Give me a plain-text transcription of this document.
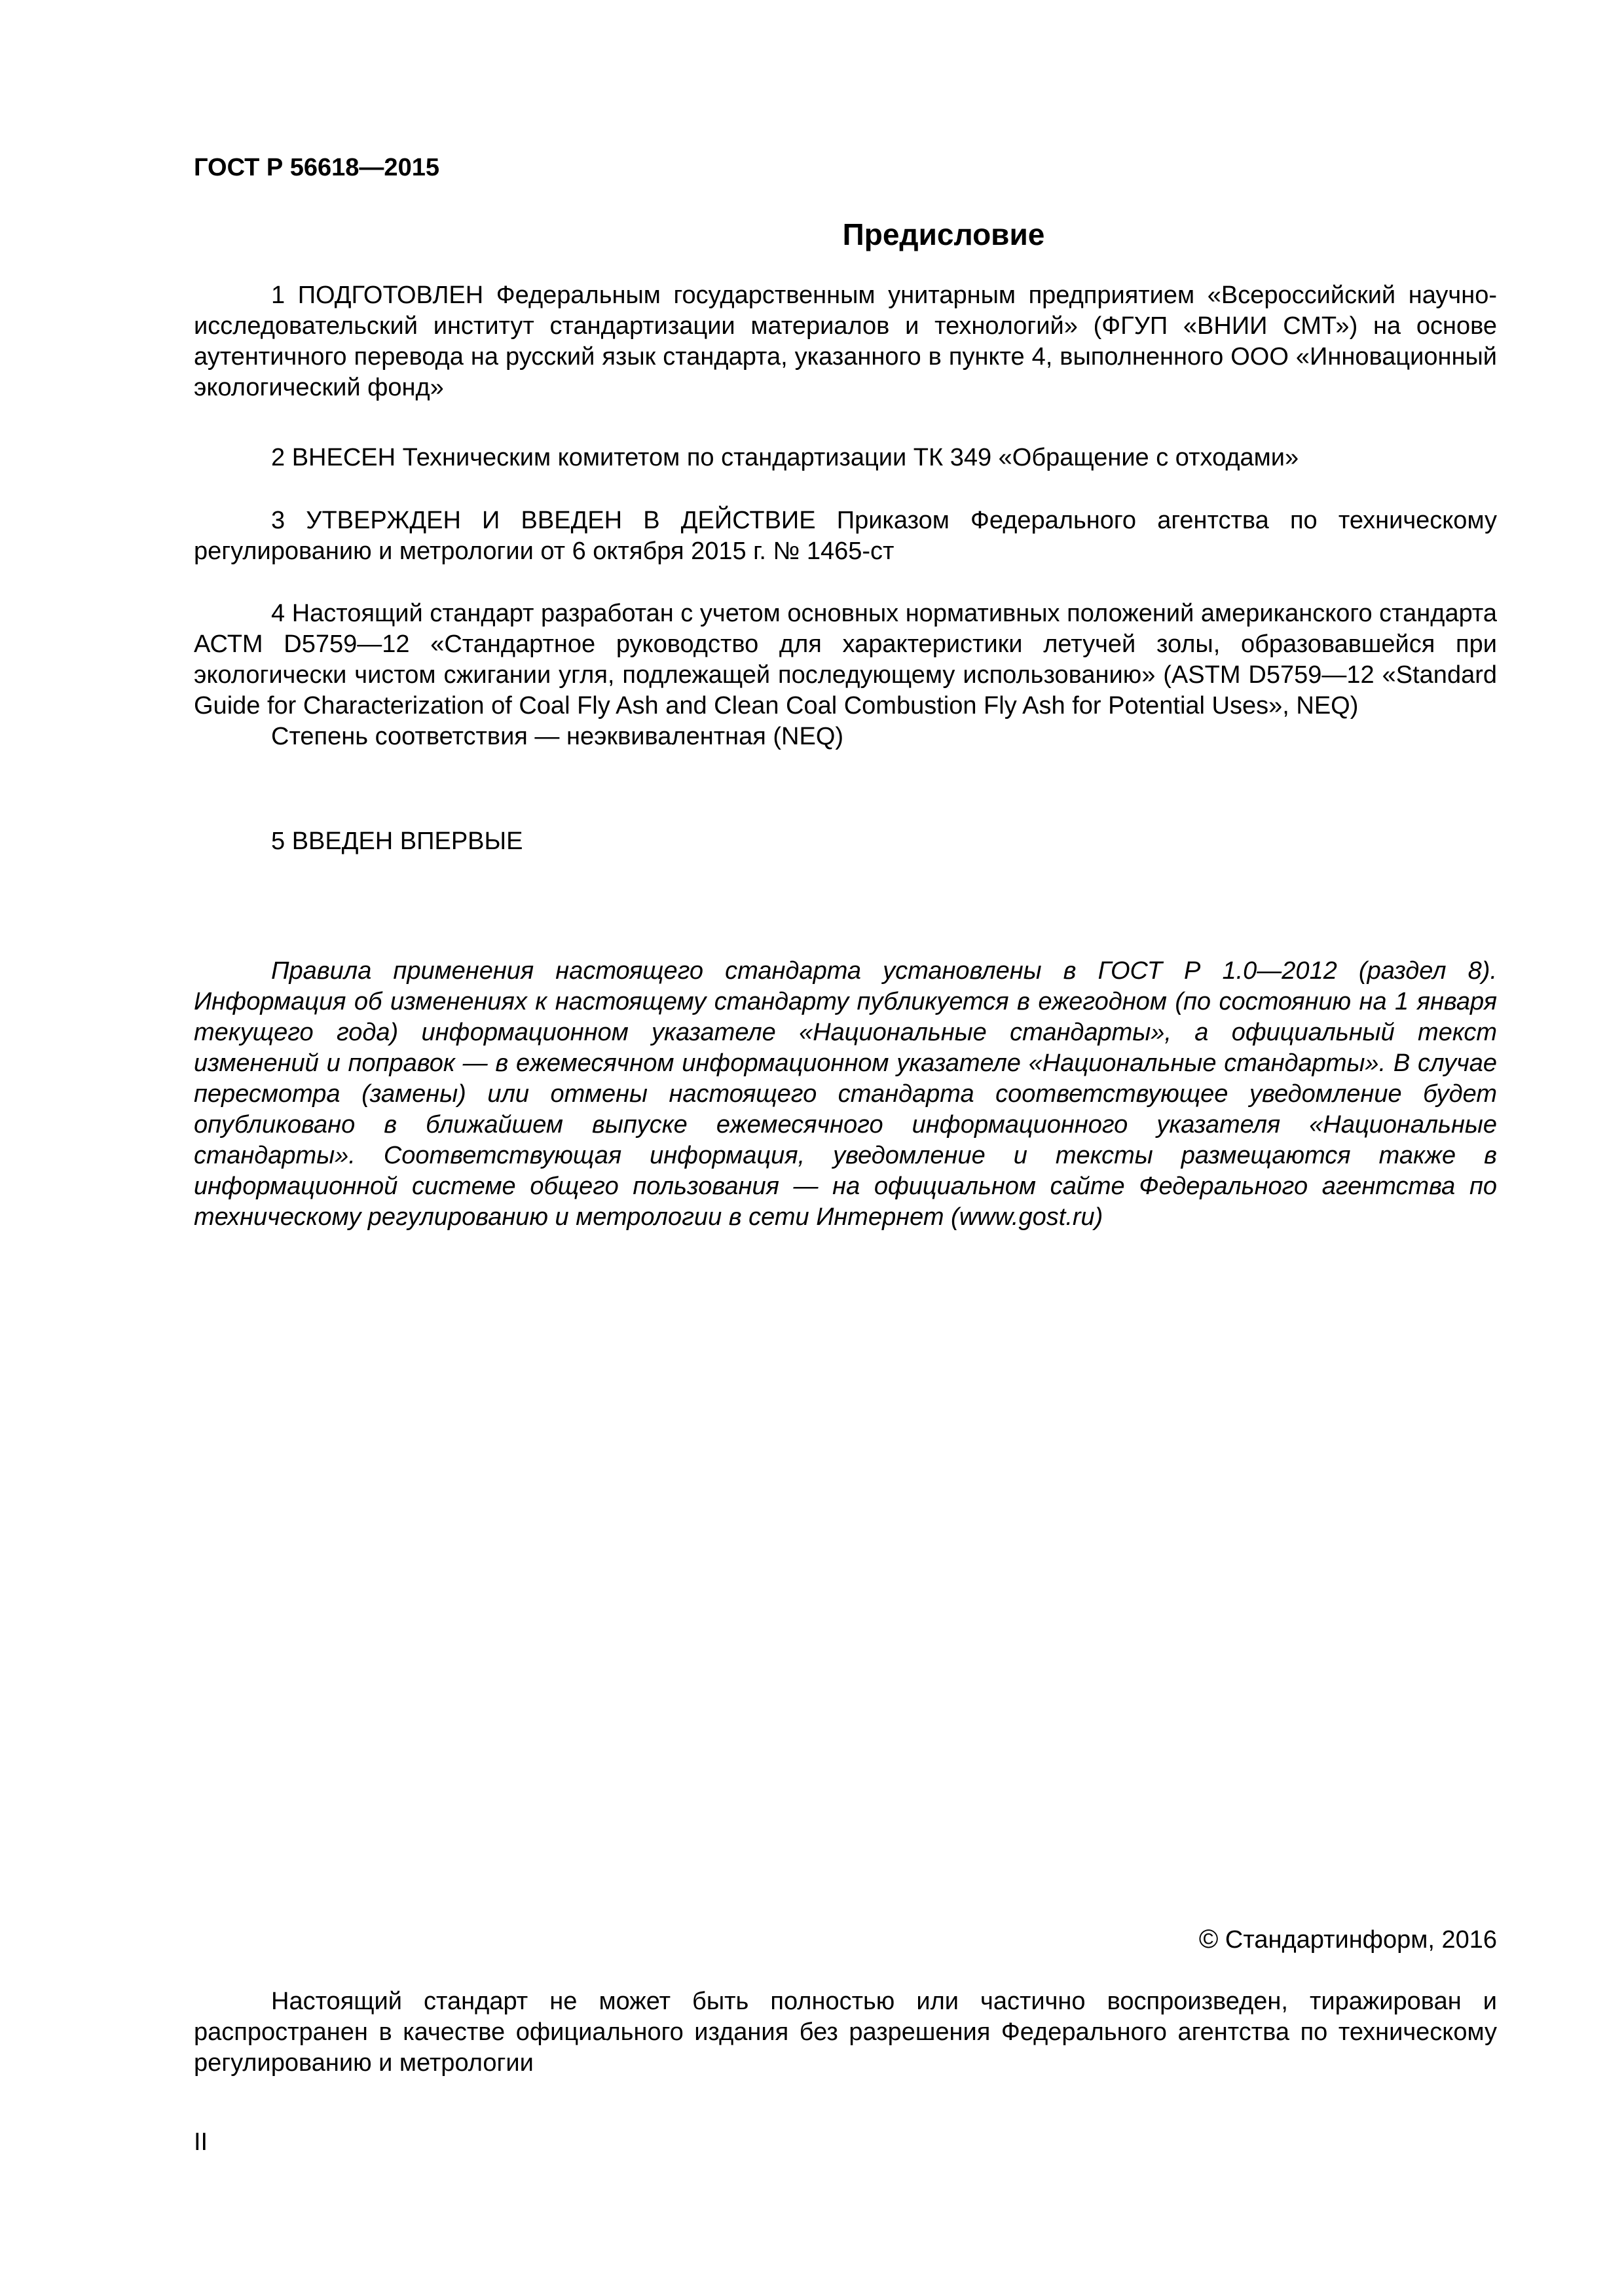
ГОСТ Р 56618—2015
Предисловие

1 ПОДГОТОВЛЕН Федеральным государственным унитарным предприятием «Всероссийский научно-исследовательский институт стандартизации материалов и технологий» (ФГУП «ВНИИ СМТ») на основе аутентичного перевода на русский язык стандарта, указанного в пункте 4, выполненного ООО «Инновационный экологический фонд»

2 ВНЕСЕН Техническим комитетом по стандартизации ТК 349 «Обращение с отходами»

3 УТВЕРЖДЕН И ВВЕДЕН В ДЕЙСТВИЕ Приказом Федерального агентства по техническому регулированию и метрологии от 6 октября 2015 г. № 1465-ст

4 Настоящий стандарт разработан с учетом основных нормативных положений американского стандарта АСТМ D5759—12 «Стандартное руководство для характеристики летучей золы, образовавшейся при экологически чистом сжигании угля, подлежащей последующему использованию» (ASTM D5759—12 «Standard Guide for Characterization of Coal Fly Ash and Clean Coal Combustion Fly Ash for Potential Uses», NEQ)

Степень соответствия — неэквивалентная (NEQ)

5 ВВЕДЕН ВПЕРВЫЕ

Правила применения настоящего стандарта установлены в ГОСТ Р 1.0—2012 (раздел 8). Информация об изменениях к настоящему стандарту публикуется в ежегодном (по состоянию на 1 января текущего года) информационном указателе «Национальные стандарты», а официальный текст изменений и поправок — в ежемесячном информационном указателе «Национальные стандарты». В случае пересмотра (замены) или отмены настоящего стандарта соответствующее уведомление будет опубликовано в ближайшем выпуске ежемесячного информационного указателя «Национальные стандарты». Соответствующая информация, уведомление и тексты размещаются также в информационной системе общего пользования — на официальном сайте Федерального агентства по техническому регулированию и метрологии в сети Интернет (www.gost.ru)

© Стандартинформ, 2016

Настоящий стандарт не может быть полностью или частично воспроизведен, тиражирован и распространен в качестве официального издания без разрешения Федерального агентства по техническому регулированию и метрологии

II
